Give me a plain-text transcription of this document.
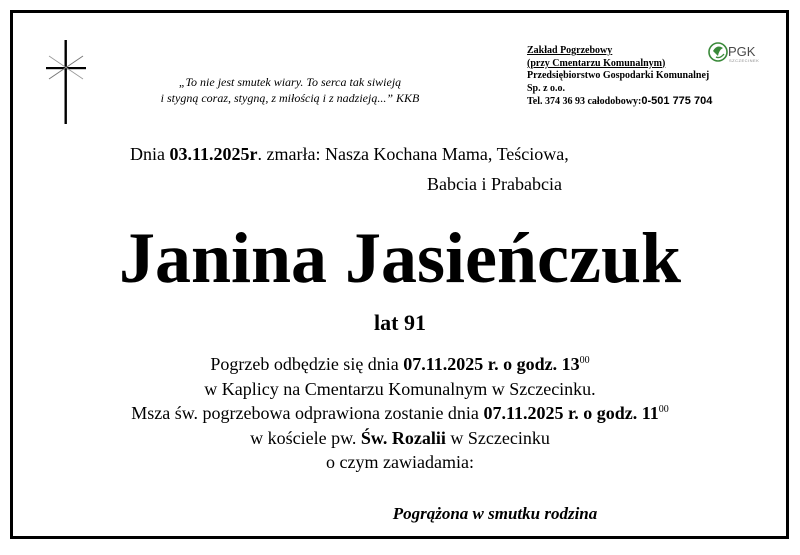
„To nie jest smutek wiary. To serca tak siwieją
i stygną coraz, stygną, z miłością i z nadzieją...” KKB
PGK
SZCZECINEK
Zakład Pogrzebowy
(przy Cmentarzu Komunalnym)
Przedsiębiorstwo Gospodarki Komunalnej
Sp. z o.o.
Tel. 374 36 93 całodobowy:0-501 775 704
Dnia 03.11.2025r. zmarła: Nasza Kochana Mama, Teściowa,
Babcia i Prababcia
Janina Jasieńczuk
lat 91
Pogrzeb odbędzie się dnia 07.11.2025 r. o godz. $13^{00}$
w Kaplicy na Cmentarzu Komunalnym w Szczecinku.
Msza św. pogrzebowa odprawiona zostanie dnia 07.11.2025 r. o godz. $11^{00}$
w kościele pw. Św. Rozalii w Szczecinku
o czym zawiadamia:
Pogrążona w smutku rodzina
